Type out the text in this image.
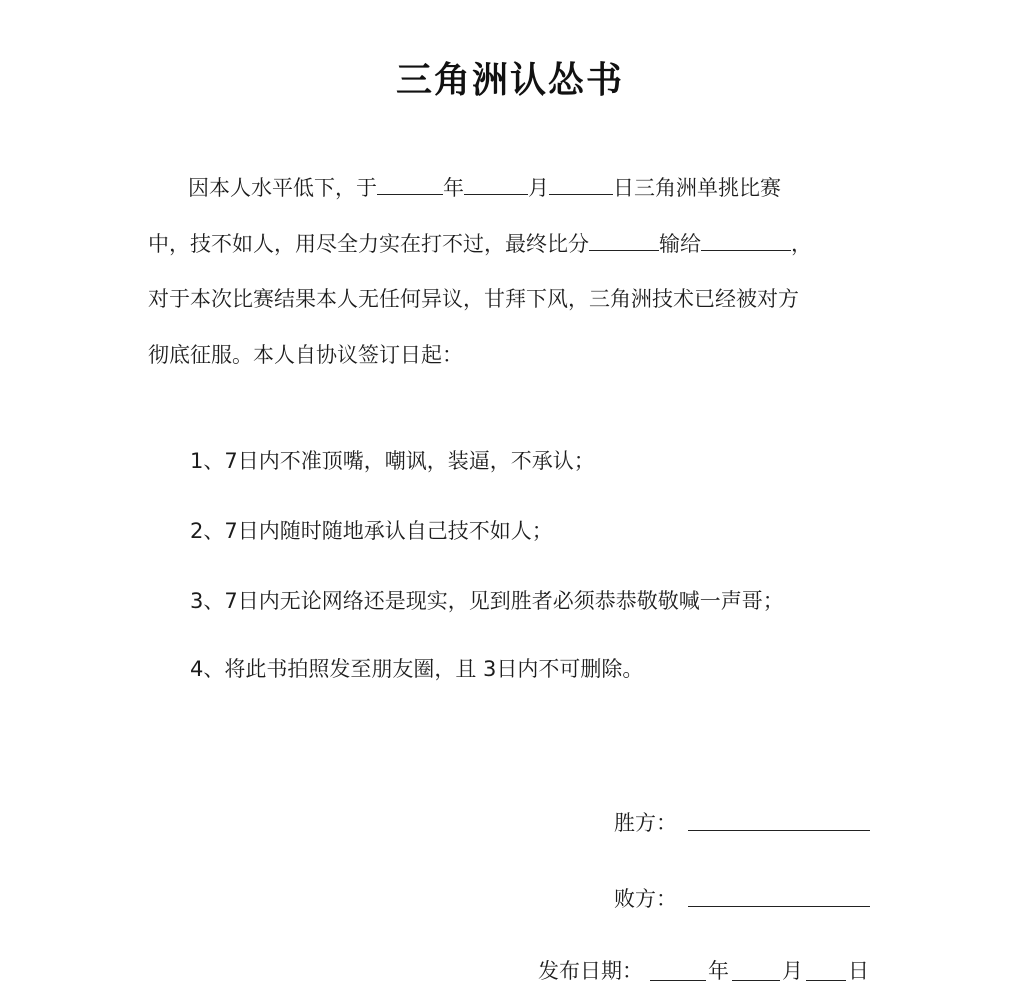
三角洲认怂书
因本人水平低下，于	年	月	日三角洲单挑比赛
中，技不如人，用尽全力实在打不过，最终比分	输给	，
对于本次比赛结果本人无任何异议，甘拜下风，三角洲技术已经被对方
彻底征服。本人自协议签订日起：
1、7日内不准顶嘴，嘲讽，装逼，不承认；
2、7日内随时随地承认自己技不如人；
3、7日内无论网络还是现实，见到胜者必须恭恭敬敬喊一声哥；
4、将此书拍照发至朋友圈，且 3日内不可删除。
胜方：
败方：
发布日期：	年	月 日
